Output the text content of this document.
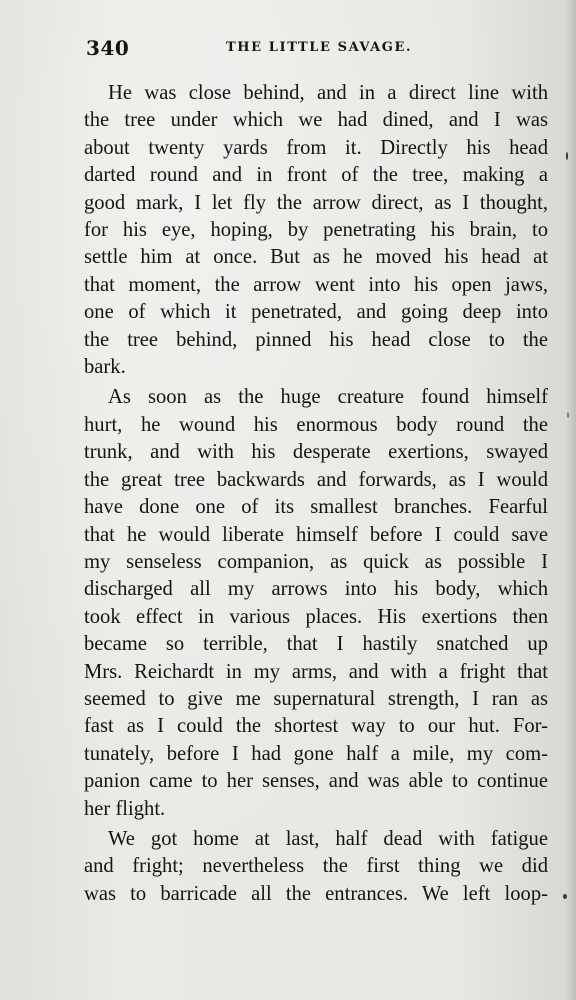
340	THE LITTLE SAVAGE.
He was close behind, and in a direct line with
the tree under which we had dined, and I was
about twenty yards from it. Directly his head
darted round and in front of the tree, making a
good mark, I let fly the arrow direct, as I thought,
for his eye, hoping, by penetrating his brain, to
settle him at once. But as he moved his head at
that moment, the arrow went into his open jaws,
one of which it penetrated, and going deep into
the tree behind, pinned his head close to the
bark.
As soon as the huge creature found himself
hurt, he wound his enormous body round the
trunk, and with his desperate exertions, swayed
the great tree backwards and forwards, as I would
have done one of its smallest branches. Fearful
that he would liberate himself before I could save
my senseless companion, as quick as possible I
discharged all my arrows into his body, which
took effect in various places. His exertions then
became so terrible, that I hastily snatched up
Mrs. Reichardt in my arms, and with a fright that
seemed to give me supernatural strength, I ran as
fast as I could the shortest way to our hut. For-
tunately, before I had gone half a mile, my com-
panion came to her senses, and was able to continue
her flight.
We got home at last, half dead with fatigue
and fright; nevertheless the first thing we did
was to barricade all the entrances. We left loop-
